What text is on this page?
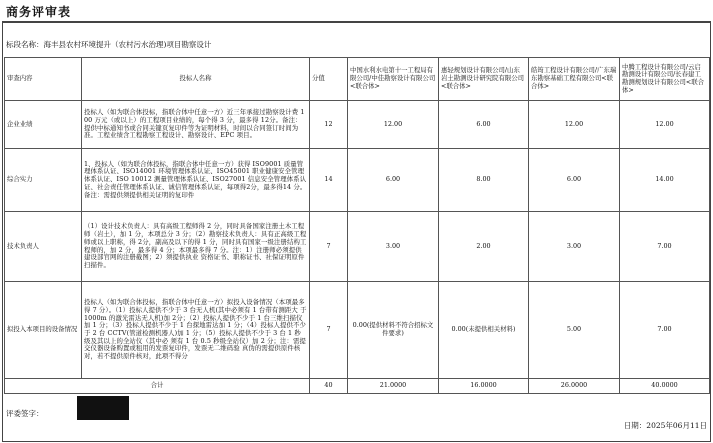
商务评审表
标段名称：海丰县农村环境提升（农村污水治理)项目勘察设计
审查内容	投标人名称	分值	中国水利水电第十一工程局有限公司/中佳勘察设计有限公司<联合体>	惠轻规划设计有限公司/山东岩土勘测设计研究院有限公司<联合体>	皓筠工程设计有限公司/广东瑞东勘察基础工程有限公司<联合体>	中腾工程设计有限公司/云启勘测设计有限公司/长春建工勘测规划设计有限公司<联合体>
企业业绩	投标人（如为联合体投标，指联合体中任意一方）近三年承接过勘察设计费 100 万元（或以上）的工程项目业绩的，每个得 3 分，最多得 12分。备注：提供中标通知书或合同关键页复印件等为证明材料，时间以合同签订时间为准。工程业绩含工程勘察工程设计、勘察设计、EPC 项目。	12	12.00	6.00	12.00	12.00
综合实力	1、投标人（如为联合体投标，指联合体中任意一方）获得 ISO9001 质量管理体系认证、ISO14001 环境管理体系认证、ISO45001 职业健康安全管理体系认证、ISO 10012 测量管理体系认证、ISO27001 信息安全管理体系认证、社会责任管理体系认证、诚信管理体系认证，每项得2分，最多得14 分。备注：需提供须提供相关证明的复印件	14	6.00	8.00	6.00	14.00
技术负责人	（1）设计技术负责人：具有高级工程师得 2 分，同时具备国家注册土木工程师（岩土），加 1 分，本项总分 3 分；（2）勘察技术负责人：具有正高级工程师或以上职称，得 2分，副高及以下的得 1 分，同时具有国家一级注册结构工程师的，加 2 分，最多得 4 分；本项最多得 7 分。注：1）注册师必须提供建设部官网的注册截图；2）须提供执业 资格证书、职称证书、社保证明原件扫描件。	7	3.00	2.00	3.00	7.00
拟投入本项目的设备情况	投标人（如为联合体投标，指联合体中任意一方）拟投入设备情况（本项最多得 7 分）。（1）投标人提供不少于 3 台无人机(其中必须有 1 台带有测距大 于 1000m 的激光雷达无人机)加 2分；（2）投标人提供不少于 1 台三维扫描仪加 1 分；（3）投标人提供不少于 1 台探地雷达加 1 分；（4）投标人提供不少于 2 台 CCTV(管道检测机器人)加 1 分；（5）投标人提供不少于 3 台 1 秒级及其以上的全站仪（其中必 须有 1 台 0.5 秒级全站仪）加 2 分；注：需提交仪器设备购置或租用的发票复印件，发票无二维码验 真伪的需提供原件核对，若不提供原件核对，此项不得分	7	0.00(提供材料不符合招标文件要求)	0.00(未提供相关材料)	5.00	7.00
合计		40	21.0000	16.0000	26.0000	40.0000
评委签字：
日期：2025年06月11日
